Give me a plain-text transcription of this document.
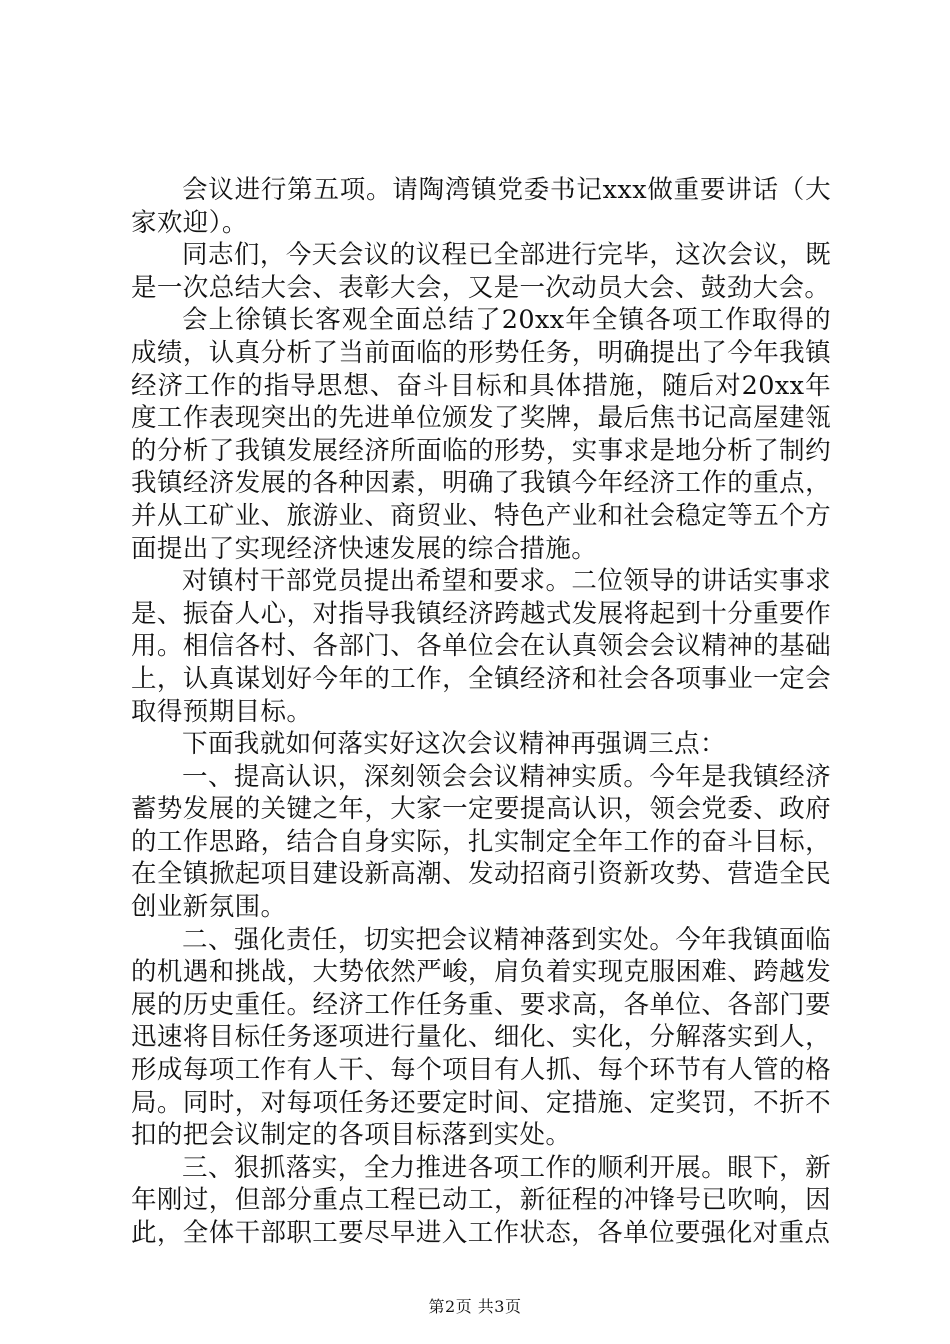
会议进行第五项。请陶湾镇党委书记xxx做重要讲话（大家欢迎）。

同志们，今天会议的议程已全部进行完毕，这次会议，既是一次总结大会、表彰大会，又是一次动员大会、鼓劲大会。

会上徐镇长客观全面总结了20xx年全镇各项工作取得的成绩，认真分析了当前面临的形势任务，明确提出了今年我镇经济工作的指导思想、奋斗目标和具体措施，随后对20xx年度工作表现突出的先进单位颁发了奖牌，最后焦书记高屋建瓴的分析了我镇发展经济所面临的形势，实事求是地分析了制约我镇经济发展的各种因素，明确了我镇今年经济工作的重点，并从工矿业、旅游业、商贸业、特色产业和社会稳定等五个方面提出了实现经济快速发展的综合措施。

对镇村干部党员提出希望和要求。二位领导的讲话实事求是、振奋人心，对指导我镇经济跨越式发展将起到十分重要作用。相信各村、各部门、各单位会在认真领会会议精神的基础上，认真谋划好今年的工作，全镇经济和社会各项事业一定会取得预期目标。

下面我就如何落实好这次会议精神再强调三点：

一、提高认识，深刻领会会议精神实质。今年是我镇经济蓄势发展的关键之年，大家一定要提高认识，领会党委、政府的工作思路，结合自身实际，扎实制定全年工作的奋斗目标，在全镇掀起项目建设新高潮、发动招商引资新攻势、营造全民创业新氛围。

二、强化责任，切实把会议精神落到实处。今年我镇面临的机遇和挑战，大势依然严峻，肩负着实现克服困难、跨越发展的历史重任。经济工作任务重、要求高，各单位、各部门要迅速将目标任务逐项进行量化、细化、实化，分解落实到人，形成每项工作有人干、每个项目有人抓、每个环节有人管的格局。同时，对每项任务还要定时间、定措施、定奖罚，不折不扣的把会议制定的各项目标落到实处。

三、狠抓落实，全力推进各项工作的顺利开展。眼下，新年刚过，但部分重点工程已动工，新征程的冲锋号已吹响，因此，全体干部职工要尽早进入工作状态，各单位要强化对重点

第2页 共3页
